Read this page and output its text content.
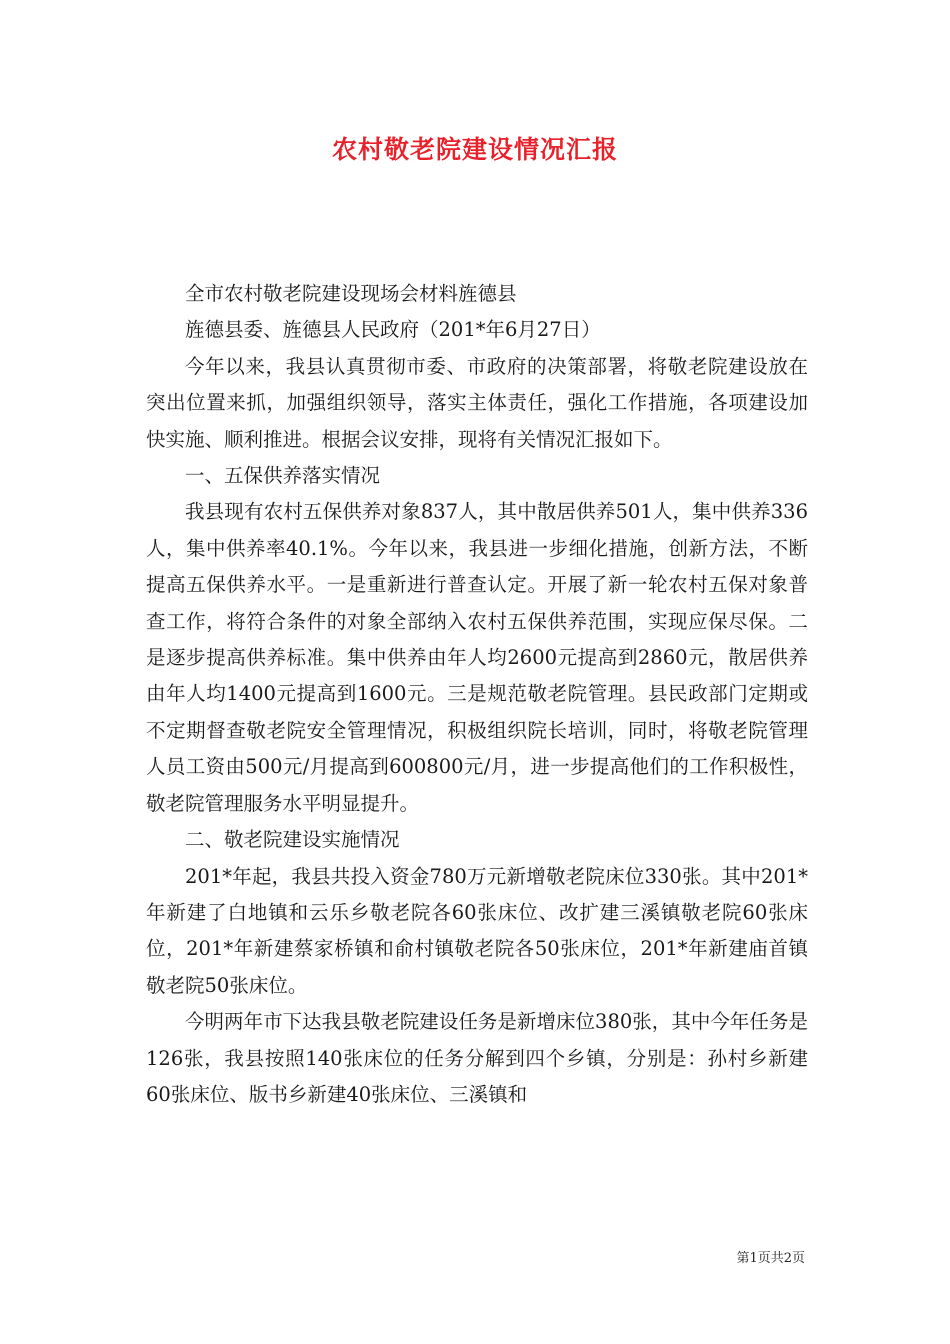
农村敬老院建设情况汇报

全市农村敬老院建设现场会材料旌德县

旌德县委、旌德县人民政府（201*年6月27日）

今年以来，我县认真贯彻市委、市政府的决策部署，将敬老院建设放在突出位置来抓，加强组织领导，落实主体责任，强化工作措施，各项建设加快实施、顺利推进。根据会议安排，现将有关情况汇报如下。

一、五保供养落实情况

我县现有农村五保供养对象837人，其中散居供养501人，集中供养336人，集中供养率40.1%。今年以来，我县进一步细化措施，创新方法，不断提高五保供养水平。一是重新进行普查认定。开展了新一轮农村五保对象普查工作，将符合条件的对象全部纳入农村五保供养范围，实现应保尽保。二是逐步提高供养标准。集中供养由年人均2600元提高到2860元，散居供养由年人均1400元提高到1600元。三是规范敬老院管理。县民政部门定期或不定期督查敬老院安全管理情况，积极组织院长培训，同时，将敬老院管理人员工资由500元/月提高到600800元/月，进一步提高他们的工作积极性，敬老院管理服务水平明显提升。

二、敬老院建设实施情况

201*年起，我县共投入资金780万元新增敬老院床位330张。其中201*年新建了白地镇和云乐乡敬老院各60张床位、改扩建三溪镇敬老院60张床位，201*年新建蔡家桥镇和俞村镇敬老院各50张床位，201*年新建庙首镇敬老院50张床位。

今明两年市下达我县敬老院建设任务是新增床位380张，其中今年任务是126张，我县按照140张床位的任务分解到四个乡镇，分别是：孙村乡新建60张床位、版书乡新建40张床位、三溪镇和

第1页共2页
